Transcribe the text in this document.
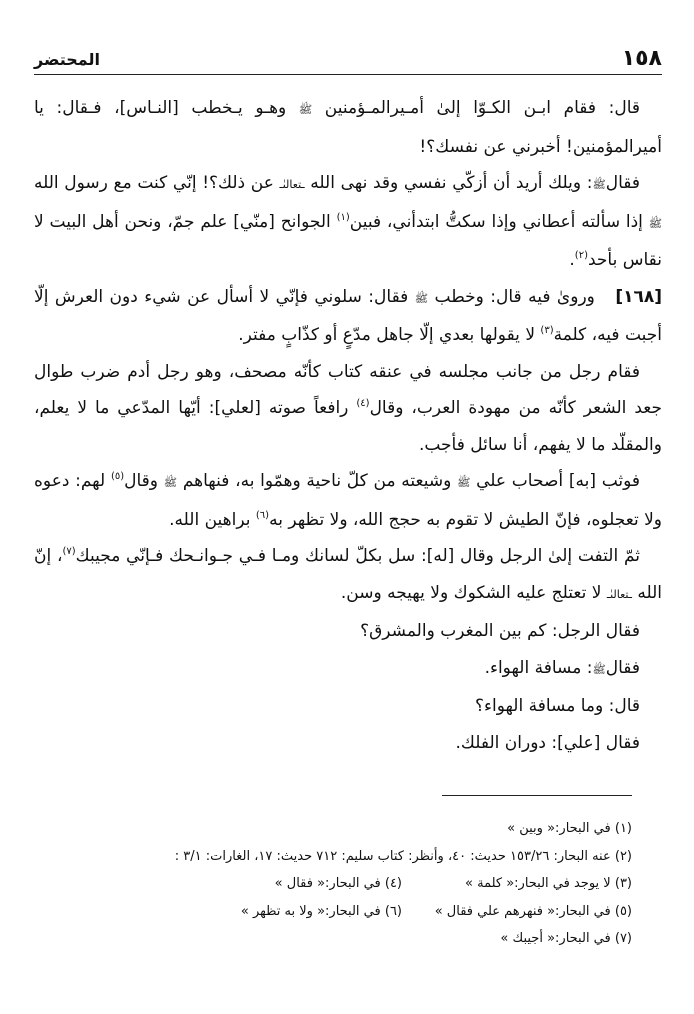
١٥٨
المحتضر

قال: فقام ابـن الكـوّا إلىٰ أمـيرالمـؤمنين ﷺ وهـو يـخطب [النـاس]، فـقال: يا أميرالمؤمنين! أخبرني عن نفسك؟!

فقالﷺ: ويلك أريد أن أزكّي نفسي وقد نهى الله ـتعالىٰـ عن ذلك؟! إنّي كنت مع رسول الله ﷺ إذا سألته أعطاني وإذا سكتُّ ابتدأني، فبين$^{(١)}$ الجوانح [منّي] علم جمّ، ونحن أهل البيت لا نقاس بأحد$^{(٢)}$.

[١٦٨] وروىٰ فيه قال: وخطب ﷺ فقال: سلوني فإنّي لا أسأل عن شيء دون العرش إلّا أجبت فيه، كلمة$^{(٣)}$ لا يقولها بعدي إلّا جاهل مدّعٍ أو كذّابٍ مفتر.

فقام رجل من جانب مجلسه في عنقه كتاب كأنّه مصحف، وهو رجل أدم ضرب طوال جعد الشعر كأنّه من مهودة العرب، وقال$^{(٤)}$ رافعاً صوته [لعلي]: أيّها المدّعي ما لا يعلم، والمقلّد ما لا يفهم، أنا سائل فأجب.

فوثب [به] أصحاب علي ﷺ وشيعته من كلّ ناحية وهمّوا به، فنهاهم ﷺ وقال$^{(٥)}$ لهم: دعوه ولا تعجلوه، فإنّ الطيش لا تقوم به حجج الله، ولا تظهر به$^{(٦)}$ براهين الله.

ثمّ التفت إلىٰ الرجل وقال [له]: سل بكلّ لسانك ومـا فـي جـوانـحك فـإنّي مجيبك$^{(٧)}$، إنّ الله ـتعالىٰـ لا تعتلج عليه الشكوك ولا يهيجه وسن.

فقال الرجل: كم بين المغرب والمشرق؟

فقالﷺ: مسافة الهواء.

قال: وما مسافة الهواء؟

فقال [علي]: دوران الفلك.

(١) في البحار:« وبين »
(٢) عنه البحار: ١٥٣/٢٦ حديث: ٤٠، وأنظر: كتاب سليم: ٧١٢ حديث: ١٧، الغارات: ٣/١ :
(٣) لا يوجد في البحار:« كلمة »
(٤) في البحار:« فقال »
(٥) في البحار:« فنهرهم علي فقال »
(٦) في البحار:« ولا به تظهر »
(٧) في البحار:« أجيبك »
